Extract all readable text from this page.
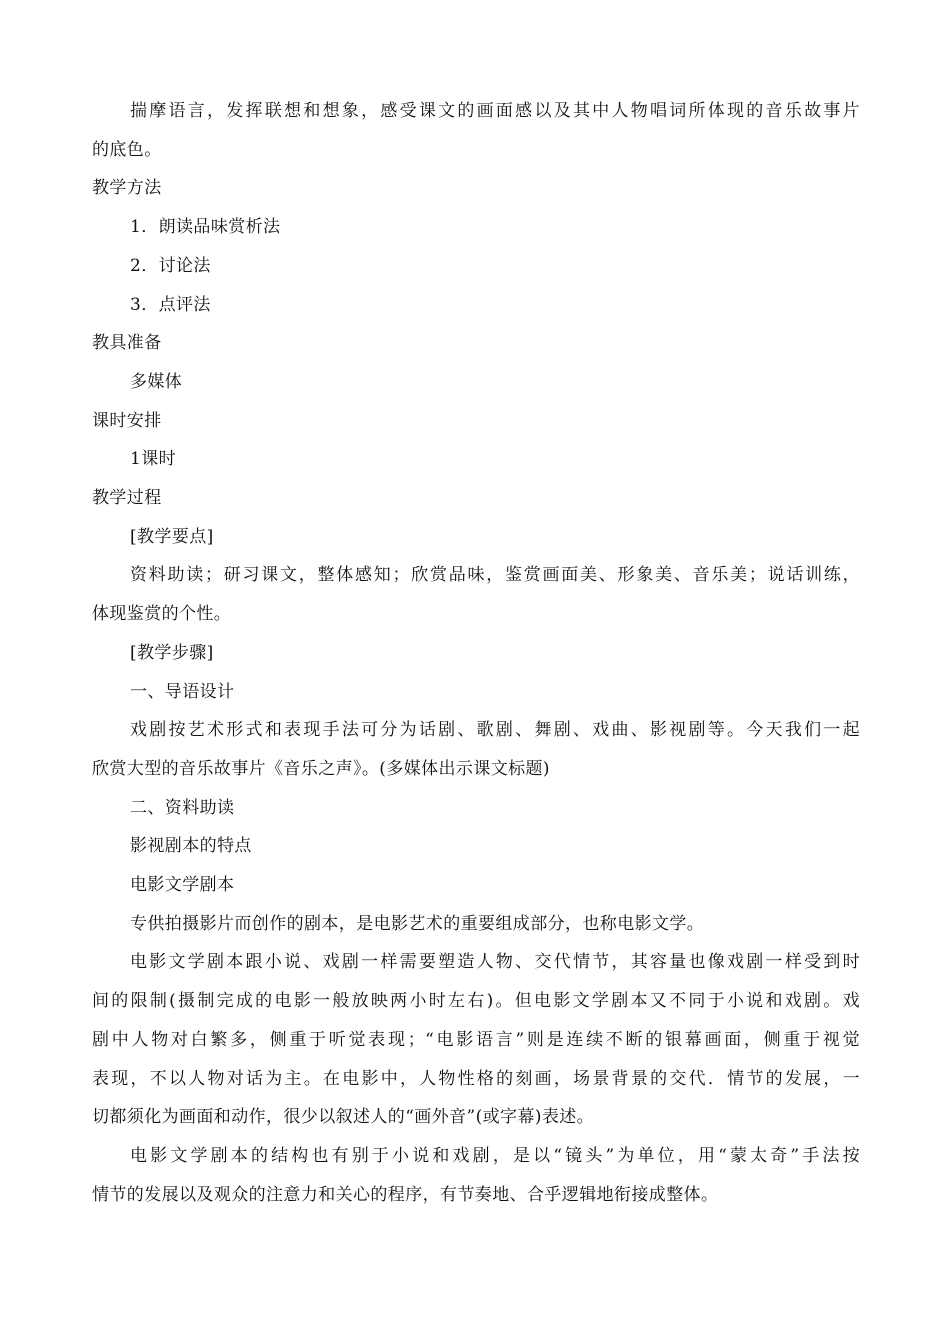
揣摩语言，发挥联想和想象，感受课文的画面感以及其中人物唱词所体现的音乐故事片
的底色。
教学方法
1．朗读品味赏析法
2．讨论法
3．点评法
教具准备
多媒体
课时安排
1课时
教学过程
[教学要点]
资料助读；研习课文，整体感知；欣赏品味，鉴赏画面美、形象美、音乐美；说话训练，
体现鉴赏的个性。
[教学步骤]
一、导语设计
戏剧按艺术形式和表现手法可分为话剧、歌剧、舞剧、戏曲、影视剧等。今天我们一起
欣赏大型的音乐故事片《音乐之声》。(多媒体出示课文标题)
二、资料助读
影视剧本的特点
电影文学剧本
专供拍摄影片而创作的剧本，是电影艺术的重要组成部分，也称电影文学。
电影文学剧本跟小说、戏剧一样需要塑造人物、交代情节，其容量也像戏剧一样受到时
间的限制(摄制完成的电影一般放映两小时左右)。但电影文学剧本又不同于小说和戏剧。戏
剧中人物对白繁多，侧重于听觉表现；“电影语言”则是连续不断的银幕画面，侧重于视觉
表现，不以人物对话为主。在电影中，人物性格的刻画，场景背景的交代．情节的发展，一
切都须化为画面和动作，很少以叙述人的“画外音”(或字幕)表述。
电影文学剧本的结构也有别于小说和戏剧，是以“镜头”为单位，用“蒙太奇”手法按
情节的发展以及观众的注意力和关心的程序，有节奏地、合乎逻辑地衔接成整体。
